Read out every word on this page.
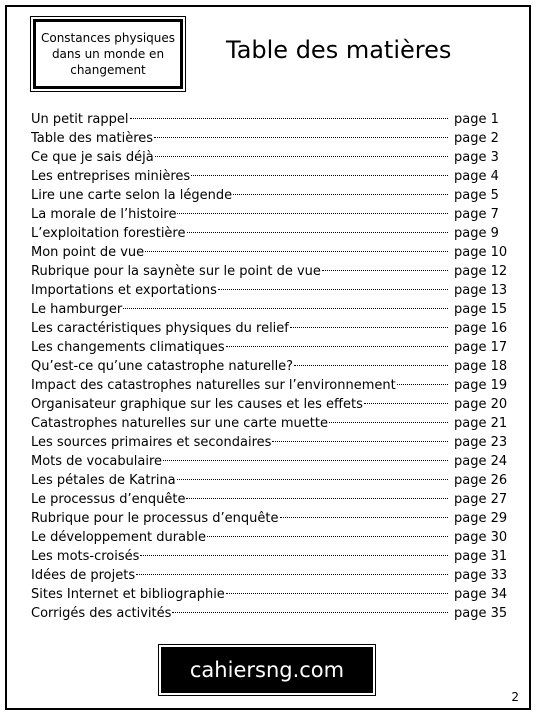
Constances physiques
dans un monde en
changement
Table des matières
Un petit rappel	page 1
Table des matières	page 2
Ce que je sais déjà	page 3
Les entreprises minières	page 4
Lire une carte selon la légende	page 5
La morale de l’histoire	page 7
L’exploitation forestière	page 9
Mon point de vue	page 10
Rubrique pour la saynète sur le point de vue	page 12
Importations et exportations	page 13
Le hamburger	page 15
Les caractéristiques physiques du relief	page 16
Les changements climatiques	page 17
Qu’est-ce qu’une catastrophe naturelle?	page 18
Impact des catastrophes naturelles sur l’environnement	page 19
Organisateur graphique sur les causes et les effets	page 20
Catastrophes naturelles sur une carte muette	page 21
Les sources primaires et secondaires	page 23
Mots de vocabulaire	page 24
Les pétales de Katrina	page 26
Le processus d’enquête	page 27
Rubrique pour le processus d’enquête	page 29
Le développement durable	page 30
Les mots-croisés	page 31
Idées de projets	page 33
Sites Internet et bibliographie	page 34
Corrigés des activités	page 35
cahiersng.com
2
